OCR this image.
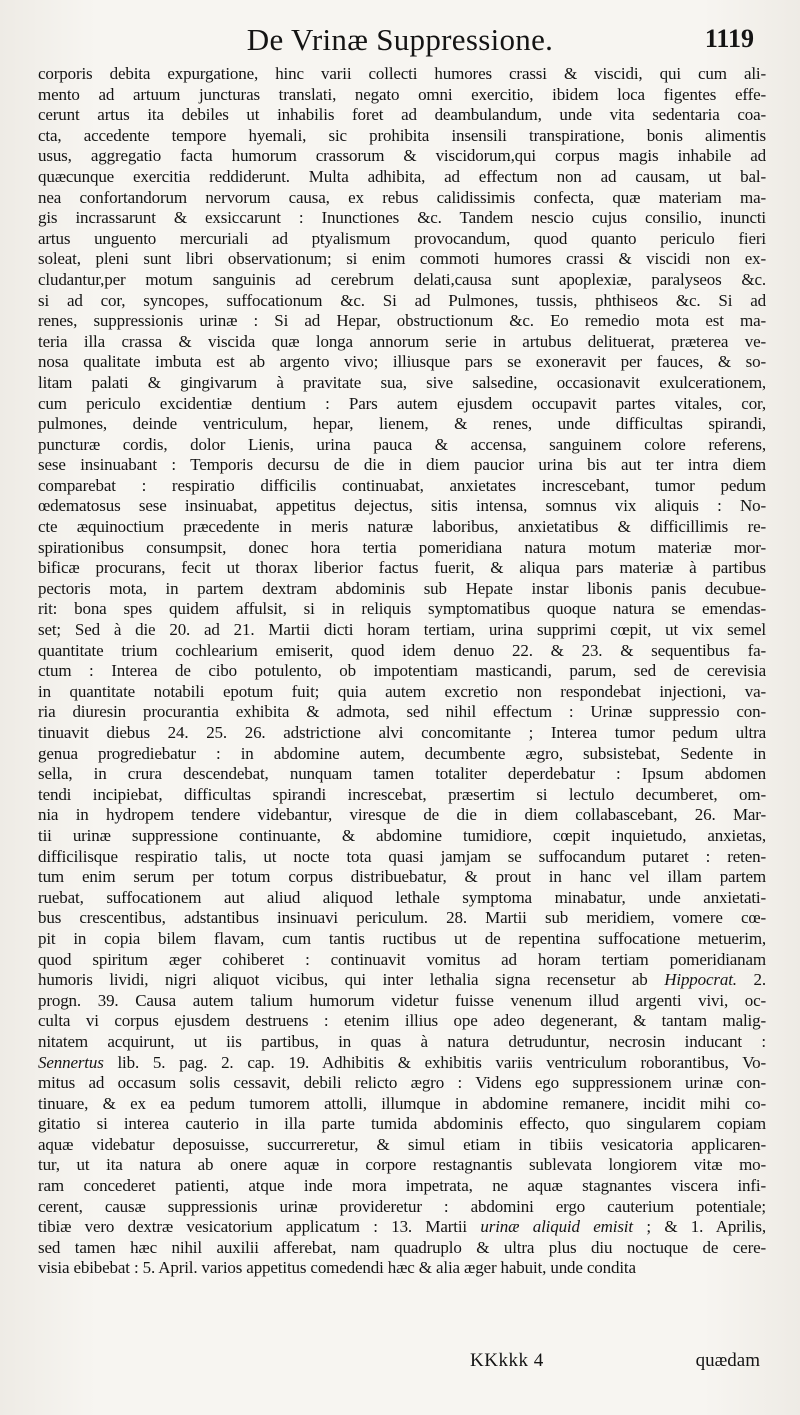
De Vrinæ Suppressione.	1119
corporis debita expurgatione, hinc varii collecti humores crassi & viscidi, qui cum ali-
mento ad artuum juncturas translati, negato omni exercitio, ibidem loca figentes effe-
cerunt artus ita debiles ut inhabilis foret ad deambulandum, unde vita sedentaria coa-
cta, accedente tempore hyemali, sic prohibita insensili transpiratione, bonis alimentis
usus, aggregatio facta humorum crassorum & viscidorum,qui corpus magis inhabile ad
quæcunque exercitia reddiderunt. Multa adhibita, ad effectum non ad causam, ut bal-
nea confortandorum nervorum causa, ex rebus calidissimis confecta, quæ materiam ma-
gis incrassarunt & exsiccarunt : Inunctiones &c. Tandem nescio cujus consilio, inuncti
artus unguento mercuriali ad ptyalismum provocandum, quod quanto periculo fieri
soleat, pleni sunt libri observationum; si enim commoti humores crassi & viscidi non ex-
cludantur,per motum sanguinis ad cerebrum delati,causa sunt apoplexiæ, paralyseos &c.
si ad cor, syncopes, suffocationum &c. Si ad Pulmones, tussis, phthiseos &c. Si ad
renes, suppressionis urinæ : Si ad Hepar, obstructionum &c. Eo remedio mota est ma-
teria illa crassa & viscida quæ longa annorum serie in artubus delituerat, præterea ve-
nosa qualitate imbuta est ab argento vivo; illiusque pars se exoneravit per fauces, & so-
litam palati & gingivarum à pravitate sua, sive salsedine, occasionavit exulcerationem,
cum periculo excidentiæ dentium : Pars autem ejusdem occupavit partes vitales, cor,
pulmones, deinde ventriculum, hepar, lienem, & renes, unde difficultas spirandi,
puncturæ cordis, dolor Lienis, urina pauca & accensa, sanguinem colore referens,
sese insinuabant : Temporis decursu de die in diem paucior urina bis aut ter intra diem
comparebat : respiratio difficilis continuabat, anxietates increscebant, tumor pedum
œdematosus sese insinuabat, appetitus dejectus, sitis intensa, somnus vix aliquis : No-
cte æquinoctium præcedente in meris naturæ laboribus, anxietatibus & difficillimis re-
spirationibus consumpsit, donec hora tertia pomeridiana natura motum materiæ mor-
bificæ procurans, fecit ut thorax liberior factus fuerit, & aliqua pars materiæ à partibus
pectoris mota, in partem dextram abdominis sub Hepate instar libonis panis decubue-
rit: bona spes quidem affulsit, si in reliquis symptomatibus quoque natura se emendas-
set; Sed à die 20. ad 21. Martii dicti horam tertiam, urina supprimi cœpit, ut vix semel
quantitate trium cochlearium emiserit, quod idem denuo 22. & 23. & sequentibus fa-
ctum : Interea de cibo potulento, ob impotentiam masticandi, parum, sed de cerevisia
in quantitate notabili epotum fuit; quia autem excretio non respondebat injectioni, va-
ria diuresin procurantia exhibita & admota, sed nihil effectum : Urinæ suppressio con-
tinuavit diebus 24. 25. 26. adstrictione alvi concomitante ; Interea tumor pedum ultra
genua progrediebatur : in abdomine autem, decumbente ægro, subsistebat, Sedente in
sella, in crura descendebat, nunquam tamen totaliter deperdebatur : Ipsum abdomen
tendi incipiebat, difficultas spirandi increscebat, præsertim si lectulo decumberet, om-
nia in hydropem tendere videbantur, viresque de die in diem collabascebant, 26. Mar-
tii urinæ suppressione continuante, & abdomine tumidiore, cœpit inquietudo, anxietas,
difficilisque respiratio talis, ut nocte tota quasi jamjam se suffocandum putaret : reten-
tum enim serum per totum corpus distribuebatur, & prout in hanc vel illam partem
ruebat, suffocationem aut aliud aliquod lethale symptoma minabatur, unde anxietati-
bus crescentibus, adstantibus insinuavi periculum. 28. Martii sub meridiem, vomere cœ-
pit in copia bilem flavam, cum tantis ructibus ut de repentina suffocatione metuerim,
quod spiritum æger cohiberet : continuavit vomitus ad horam tertiam pomeridianam
humoris lividi, nigri aliquot vicibus, qui inter lethalia signa recensetur ab Hippocrat. 2.
progn. 39. Causa autem talium humorum videtur fuisse venenum illud argenti vivi, oc-
culta vi corpus ejusdem destruens : etenim illius ope adeo degenerant, & tantam malig-
nitatem acquirunt, ut iis partibus, in quas à natura detruduntur, necrosin inducant :
Sennertus lib. 5. pag. 2. cap. 19. Adhibitis & exhibitis variis ventriculum roborantibus, Vo-
mitus ad occasum solis cessavit, debili relicto ægro : Videns ego suppressionem urinæ con-
tinuare, & ex ea pedum tumorem attolli, illumque in abdomine remanere, incidit mihi co-
gitatio si interea cauterio in illa parte tumida abdominis effecto, quo singularem copiam
aquæ videbatur deposuisse, succurreretur, & simul etiam in tibiis vesicatoria applicaren-
tur, ut ita natura ab onere aquæ in corpore restagnantis sublevata longiorem vitæ mo-
ram concederet patienti, atque inde mora impetrata, ne aquæ stagnantes viscera infi-
cerent, causæ suppressionis urinæ provideretur : abdomini ergo cauterium potentiale;
tibiæ vero dextræ vesicatorium applicatum : 13. Martii urinæ aliquid emisit ; & 1. Aprilis,
sed tamen hæc nihil auxilii afferebat, nam quadruplo & ultra plus diu noctuque de cere-
visia ebibebat : 5. April. varios appetitus comedendi hæc & alia æger habuit, unde condita
KKkkk 4	quædam
